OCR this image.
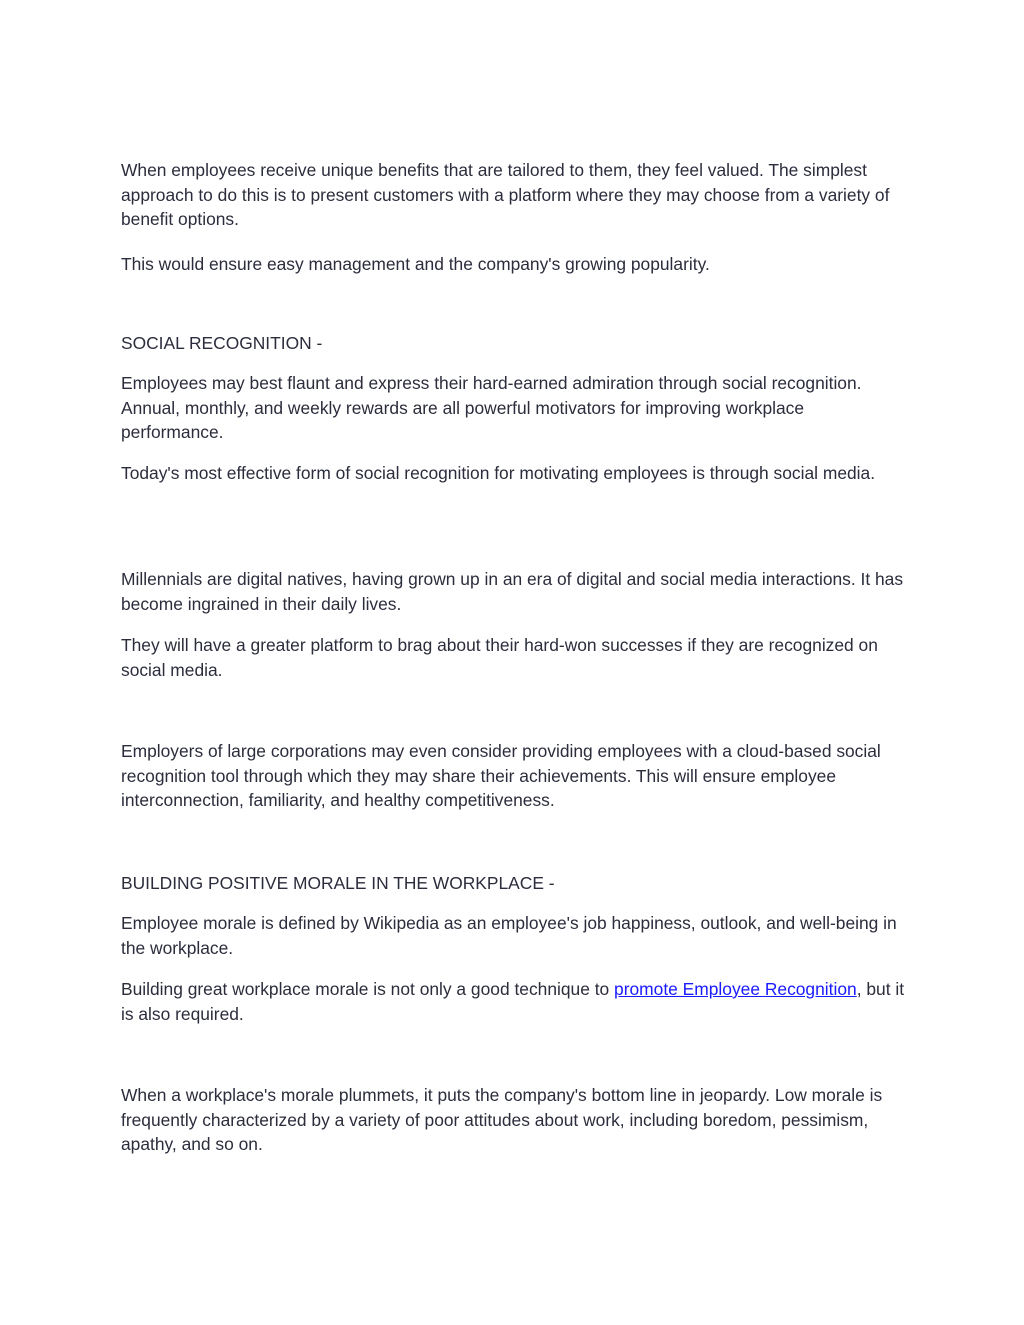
When employees receive unique benefits that are tailored to them, they feel valued. The simplest approach to do this is to present customers with a platform where they may choose from a variety of benefit options.

This would ensure easy management and the company's growing popularity.

SOCIAL RECOGNITION -

Employees may best flaunt and express their hard-earned admiration through social recognition. Annual, monthly, and weekly rewards are all powerful motivators for improving workplace performance.

Today's most effective form of social recognition for motivating employees is through social media.

Millennials are digital natives, having grown up in an era of digital and social media interactions. It has become ingrained in their daily lives.

They will have a greater platform to brag about their hard-won successes if they are recognized on social media.

Employers of large corporations may even consider providing employees with a cloud-based social recognition tool through which they may share their achievements. This will ensure employee interconnection, familiarity, and healthy competitiveness.

BUILDING POSITIVE MORALE IN THE WORKPLACE -

Employee morale is defined by Wikipedia as an employee's job happiness, outlook, and well-being in the workplace.

Building great workplace morale is not only a good technique to promote Employee Recognition, but it is also required.

When a workplace's morale plummets, it puts the company's bottom line in jeopardy. Low morale is frequently characterized by a variety of poor attitudes about work, including boredom, pessimism, apathy, and so on.
